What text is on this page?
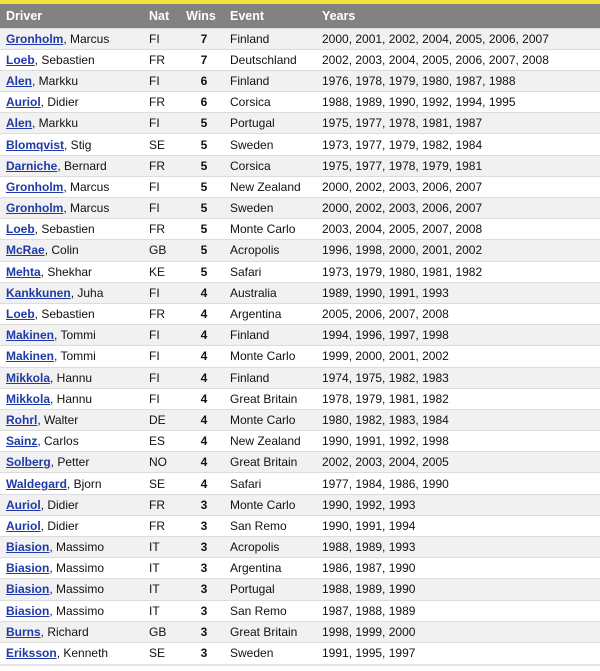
Driver	Nat	Wins	Event	Years
Gronholm, Marcus	FI	7	Finland	2000, 2001, 2002, 2004, 2005, 2006, 2007
Loeb, Sebastien	FR	7	Deutschland	2002, 2003, 2004, 2005, 2006, 2007, 2008
Alen, Markku	FI	6	Finland	1976, 1978, 1979, 1980, 1987, 1988
Auriol, Didier	FR	6	Corsica	1988, 1989, 1990, 1992, 1994, 1995
Alen, Markku	FI	5	Portugal	1975, 1977, 1978, 1981, 1987
Blomqvist, Stig	SE	5	Sweden	1973, 1977, 1979, 1982, 1984
Darniche, Bernard	FR	5	Corsica	1975, 1977, 1978, 1979, 1981
Gronholm, Marcus	FI	5	New Zealand	2000, 2002, 2003, 2006, 2007
Gronholm, Marcus	FI	5	Sweden	2000, 2002, 2003, 2006, 2007
Loeb, Sebastien	FR	5	Monte Carlo	2003, 2004, 2005, 2007, 2008
McRae, Colin	GB	5	Acropolis	1996, 1998, 2000, 2001, 2002
Mehta, Shekhar	KE	5	Safari	1973, 1979, 1980, 1981, 1982
Kankkunen, Juha	FI	4	Australia	1989, 1990, 1991, 1993
Loeb, Sebastien	FR	4	Argentina	2005, 2006, 2007, 2008
Makinen, Tommi	FI	4	Finland	1994, 1996, 1997, 1998
Makinen, Tommi	FI	4	Monte Carlo	1999, 2000, 2001, 2002
Mikkola, Hannu	FI	4	Finland	1974, 1975, 1982, 1983
Mikkola, Hannu	FI	4	Great Britain	1978, 1979, 1981, 1982
Rohrl, Walter	DE	4	Monte Carlo	1980, 1982, 1983, 1984
Sainz, Carlos	ES	4	New Zealand	1990, 1991, 1992, 1998
Solberg, Petter	NO	4	Great Britain	2002, 2003, 2004, 2005
Waldegard, Bjorn	SE	4	Safari	1977, 1984, 1986, 1990
Auriol, Didier	FR	3	Monte Carlo	1990, 1992, 1993
Auriol, Didier	FR	3	San Remo	1990, 1991, 1994
Biasion, Massimo	IT	3	Acropolis	1988, 1989, 1993
Biasion, Massimo	IT	3	Argentina	1986, 1987, 1990
Biasion, Massimo	IT	3	Portugal	1988, 1989, 1990
Biasion, Massimo	IT	3	San Remo	1987, 1988, 1989
Burns, Richard	GB	3	Great Britain	1998, 1999, 2000
Eriksson, Kenneth	SE	3	Sweden	1991, 1995, 1997
